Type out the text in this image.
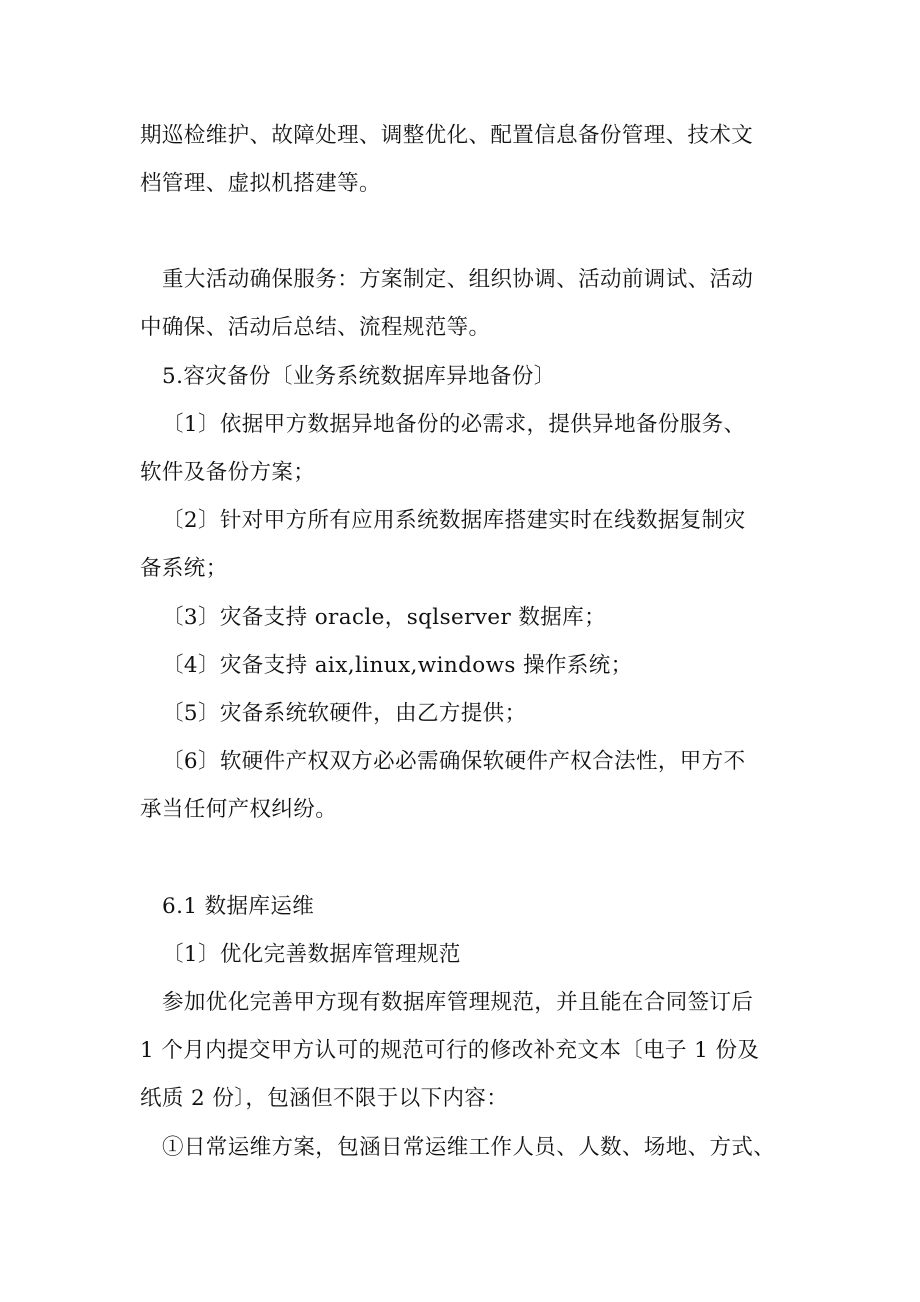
期巡检维护、故障处理、调整优化、配置信息备份管理、技术文
档管理、虚拟机搭建等。
重大活动确保服务：方案制定、组织协调、活动前调试、活动
中确保、活动后总结、流程规范等。
5.容灾备份〔业务系统数据库异地备份〕
〔1〕依据甲方数据异地备份的必需求，提供异地备份服务、
软件及备份方案；
〔2〕针对甲方所有应用系统数据库搭建实时在线数据复制灾
备系统；
〔3〕灾备支持 oracle，sqlserver 数据库；
〔4〕灾备支持 aix,linux,windows 操作系统；
〔5〕灾备系统软硬件，由乙方提供；
〔6〕软硬件产权双方必必需确保软硬件产权合法性，甲方不
承当任何产权纠纷。
6.1 数据库运维
〔1〕优化完善数据库管理规范
参加优化完善甲方现有数据库管理规范，并且能在合同签订后
1 个月内提交甲方认可的规范可行的修改补充文本〔电子 1 份及
纸质 2 份〕，包涵但不限于以下内容：
①日常运维方案，包涵日常运维工作人员、人数、场地、方式、
